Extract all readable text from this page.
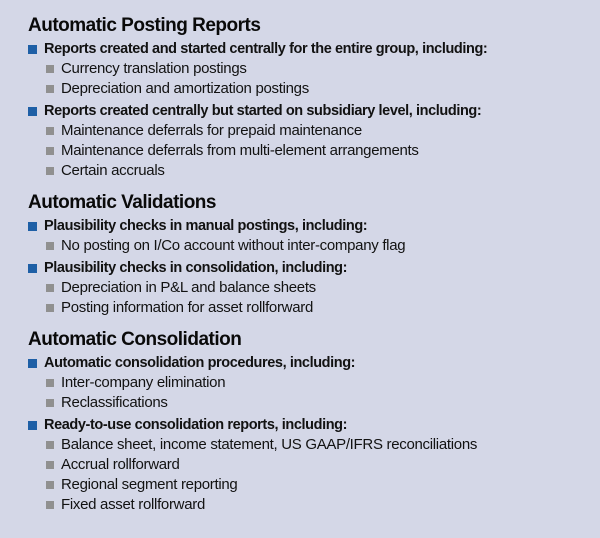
Automatic Posting Reports
Reports created and started centrally for the entire group, including:
Currency translation postings
Depreciation and amortization postings
Reports created centrally but started on subsidiary level, including:
Maintenance deferrals for prepaid maintenance
Maintenance deferrals from multi-element arrangements
Certain accruals
Automatic Validations
Plausibility checks in manual postings, including:
No posting on I/Co account without inter-company flag
Plausibility checks in consolidation, including:
Depreciation in P&L and balance sheets
Posting information for asset rollforward
Automatic Consolidation
Automatic consolidation procedures, including:
Inter-company elimination
Reclassifications
Ready-to-use consolidation reports, including:
Balance sheet, income statement, US GAAP/IFRS reconciliations
Accrual rollforward
Regional segment reporting
Fixed asset rollforward
